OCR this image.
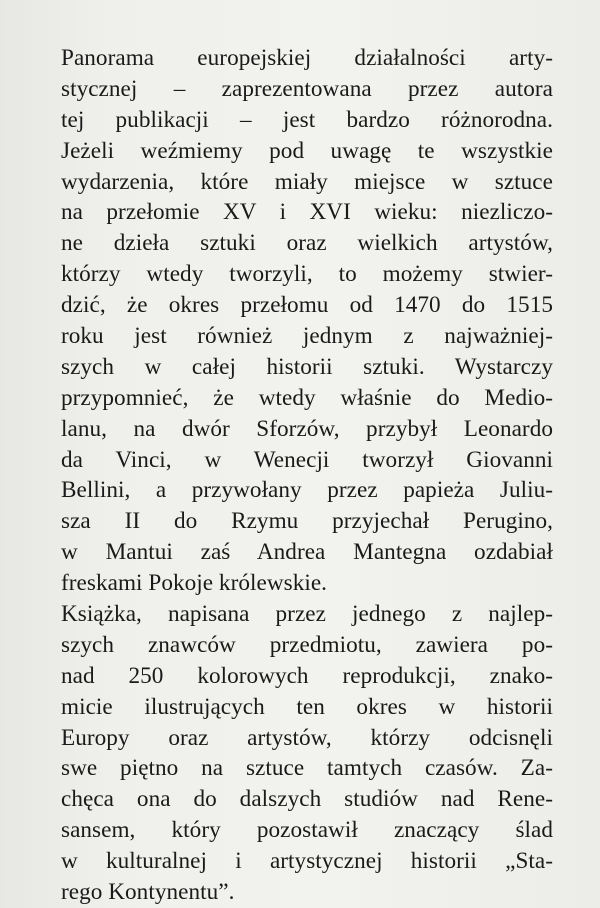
Panorama europejskiej działalności arty-
stycznej – zaprezentowana przez autora
tej publikacji – jest bardzo różnorodna.
Jeżeli weźmiemy pod uwagę te wszystkie
wydarzenia, które miały miejsce w sztuce
na przełomie XV i XVI wieku: niezliczo-
ne dzieła sztuki oraz wielkich artystów,
którzy wtedy tworzyli, to możemy stwier-
dzić, że okres przełomu od 1470 do 1515
roku jest również jednym z najważniej-
szych w całej historii sztuki. Wystarczy
przypomnieć, że wtedy właśnie do Medio-
lanu, na dwór Sforzów, przybył Leonardo
da Vinci, w Wenecji tworzył Giovanni
Bellini, a przywołany przez papieża Juliu-
sza II do Rzymu przyjechał Perugino,
w Mantui zaś Andrea Mantegna ozdabiał
freskami Pokoje królewskie.
Książka, napisana przez jednego z najlep-
szych znawców przedmiotu, zawiera po-
nad 250 kolorowych reprodukcji, znako-
micie ilustrujących ten okres w historii
Europy oraz artystów, którzy odcisnęli
swe piętno na sztuce tamtych czasów. Za-
chęca ona do dalszych studiów nad Rene-
sansem, który pozostawił znaczący ślad
w kulturalnej i artystycznej historii „Sta-
rego Kontynentu”.
